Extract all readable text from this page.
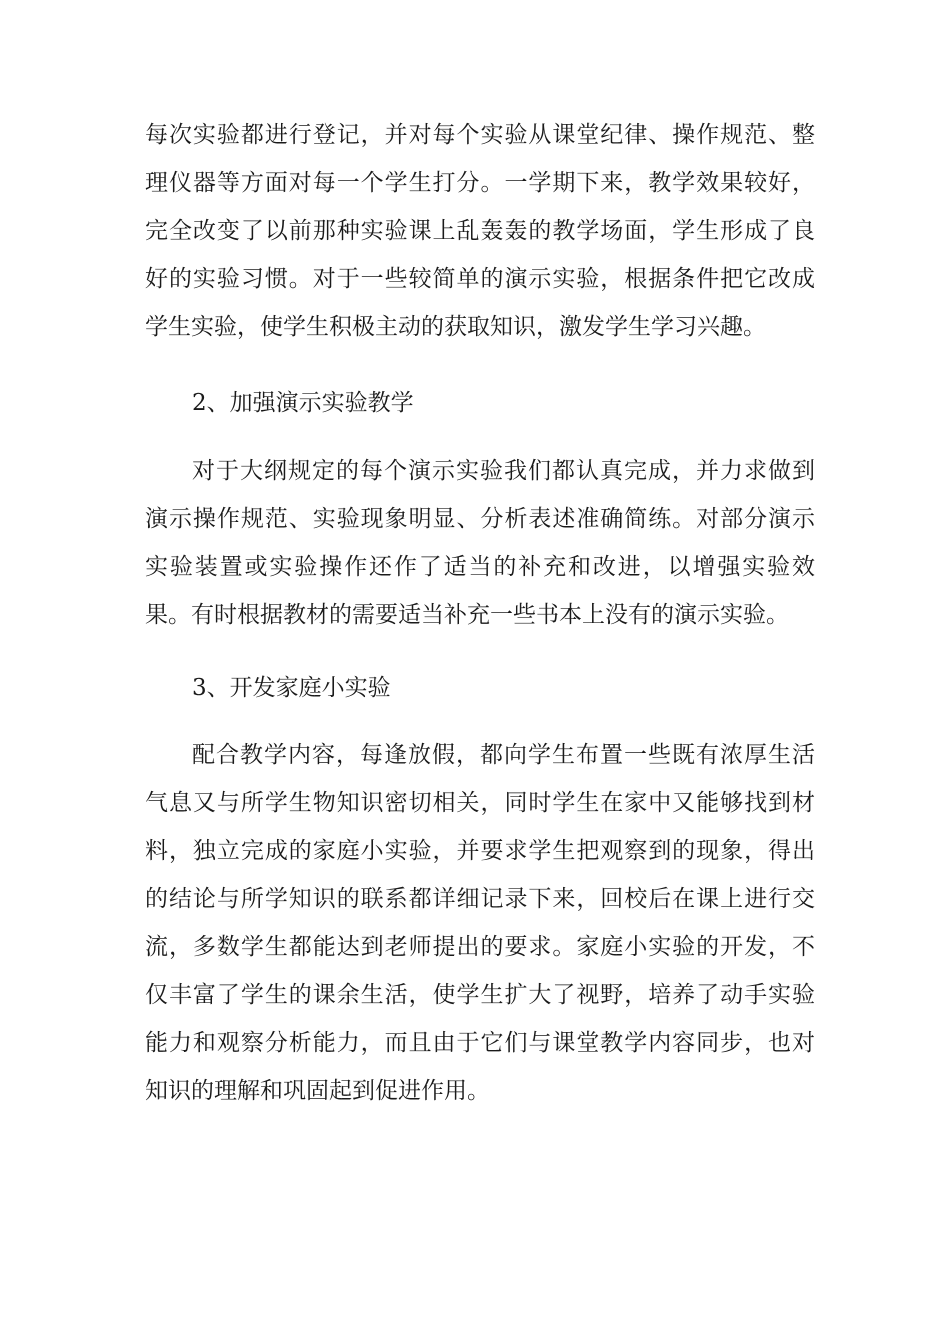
每次实验都进行登记，并对每个实验从课堂纪律、操作规范、整
理仪器等方面对每一个学生打分。一学期下来，教学效果较好，
完全改变了以前那种实验课上乱轰轰的教学场面，学生形成了良
好的实验习惯。对于一些较简单的演示实验，根据条件把它改成
学生实验，使学生积极主动的获取知识，激发学生学习兴趣。
2、加强演示实验教学
对于大纲规定的每个演示实验我们都认真完成，并力求做到
演示操作规范、实验现象明显、分析表述准确简练。对部分演示
实验装置或实验操作还作了适当的补充和改进，以增强实验效
果。有时根据教材的需要适当补充一些书本上没有的演示实验。
3、开发家庭小实验
配合教学内容，每逢放假，都向学生布置一些既有浓厚生活
气息又与所学生物知识密切相关，同时学生在家中又能够找到材
料，独立完成的家庭小实验，并要求学生把观察到的现象，得出
的结论与所学知识的联系都详细记录下来，回校后在课上进行交
流，多数学生都能达到老师提出的要求。家庭小实验的开发，不
仅丰富了学生的课余生活，使学生扩大了视野，培养了动手实验
能力和观察分析能力，而且由于它们与课堂教学内容同步，也对
知识的理解和巩固起到促进作用。
